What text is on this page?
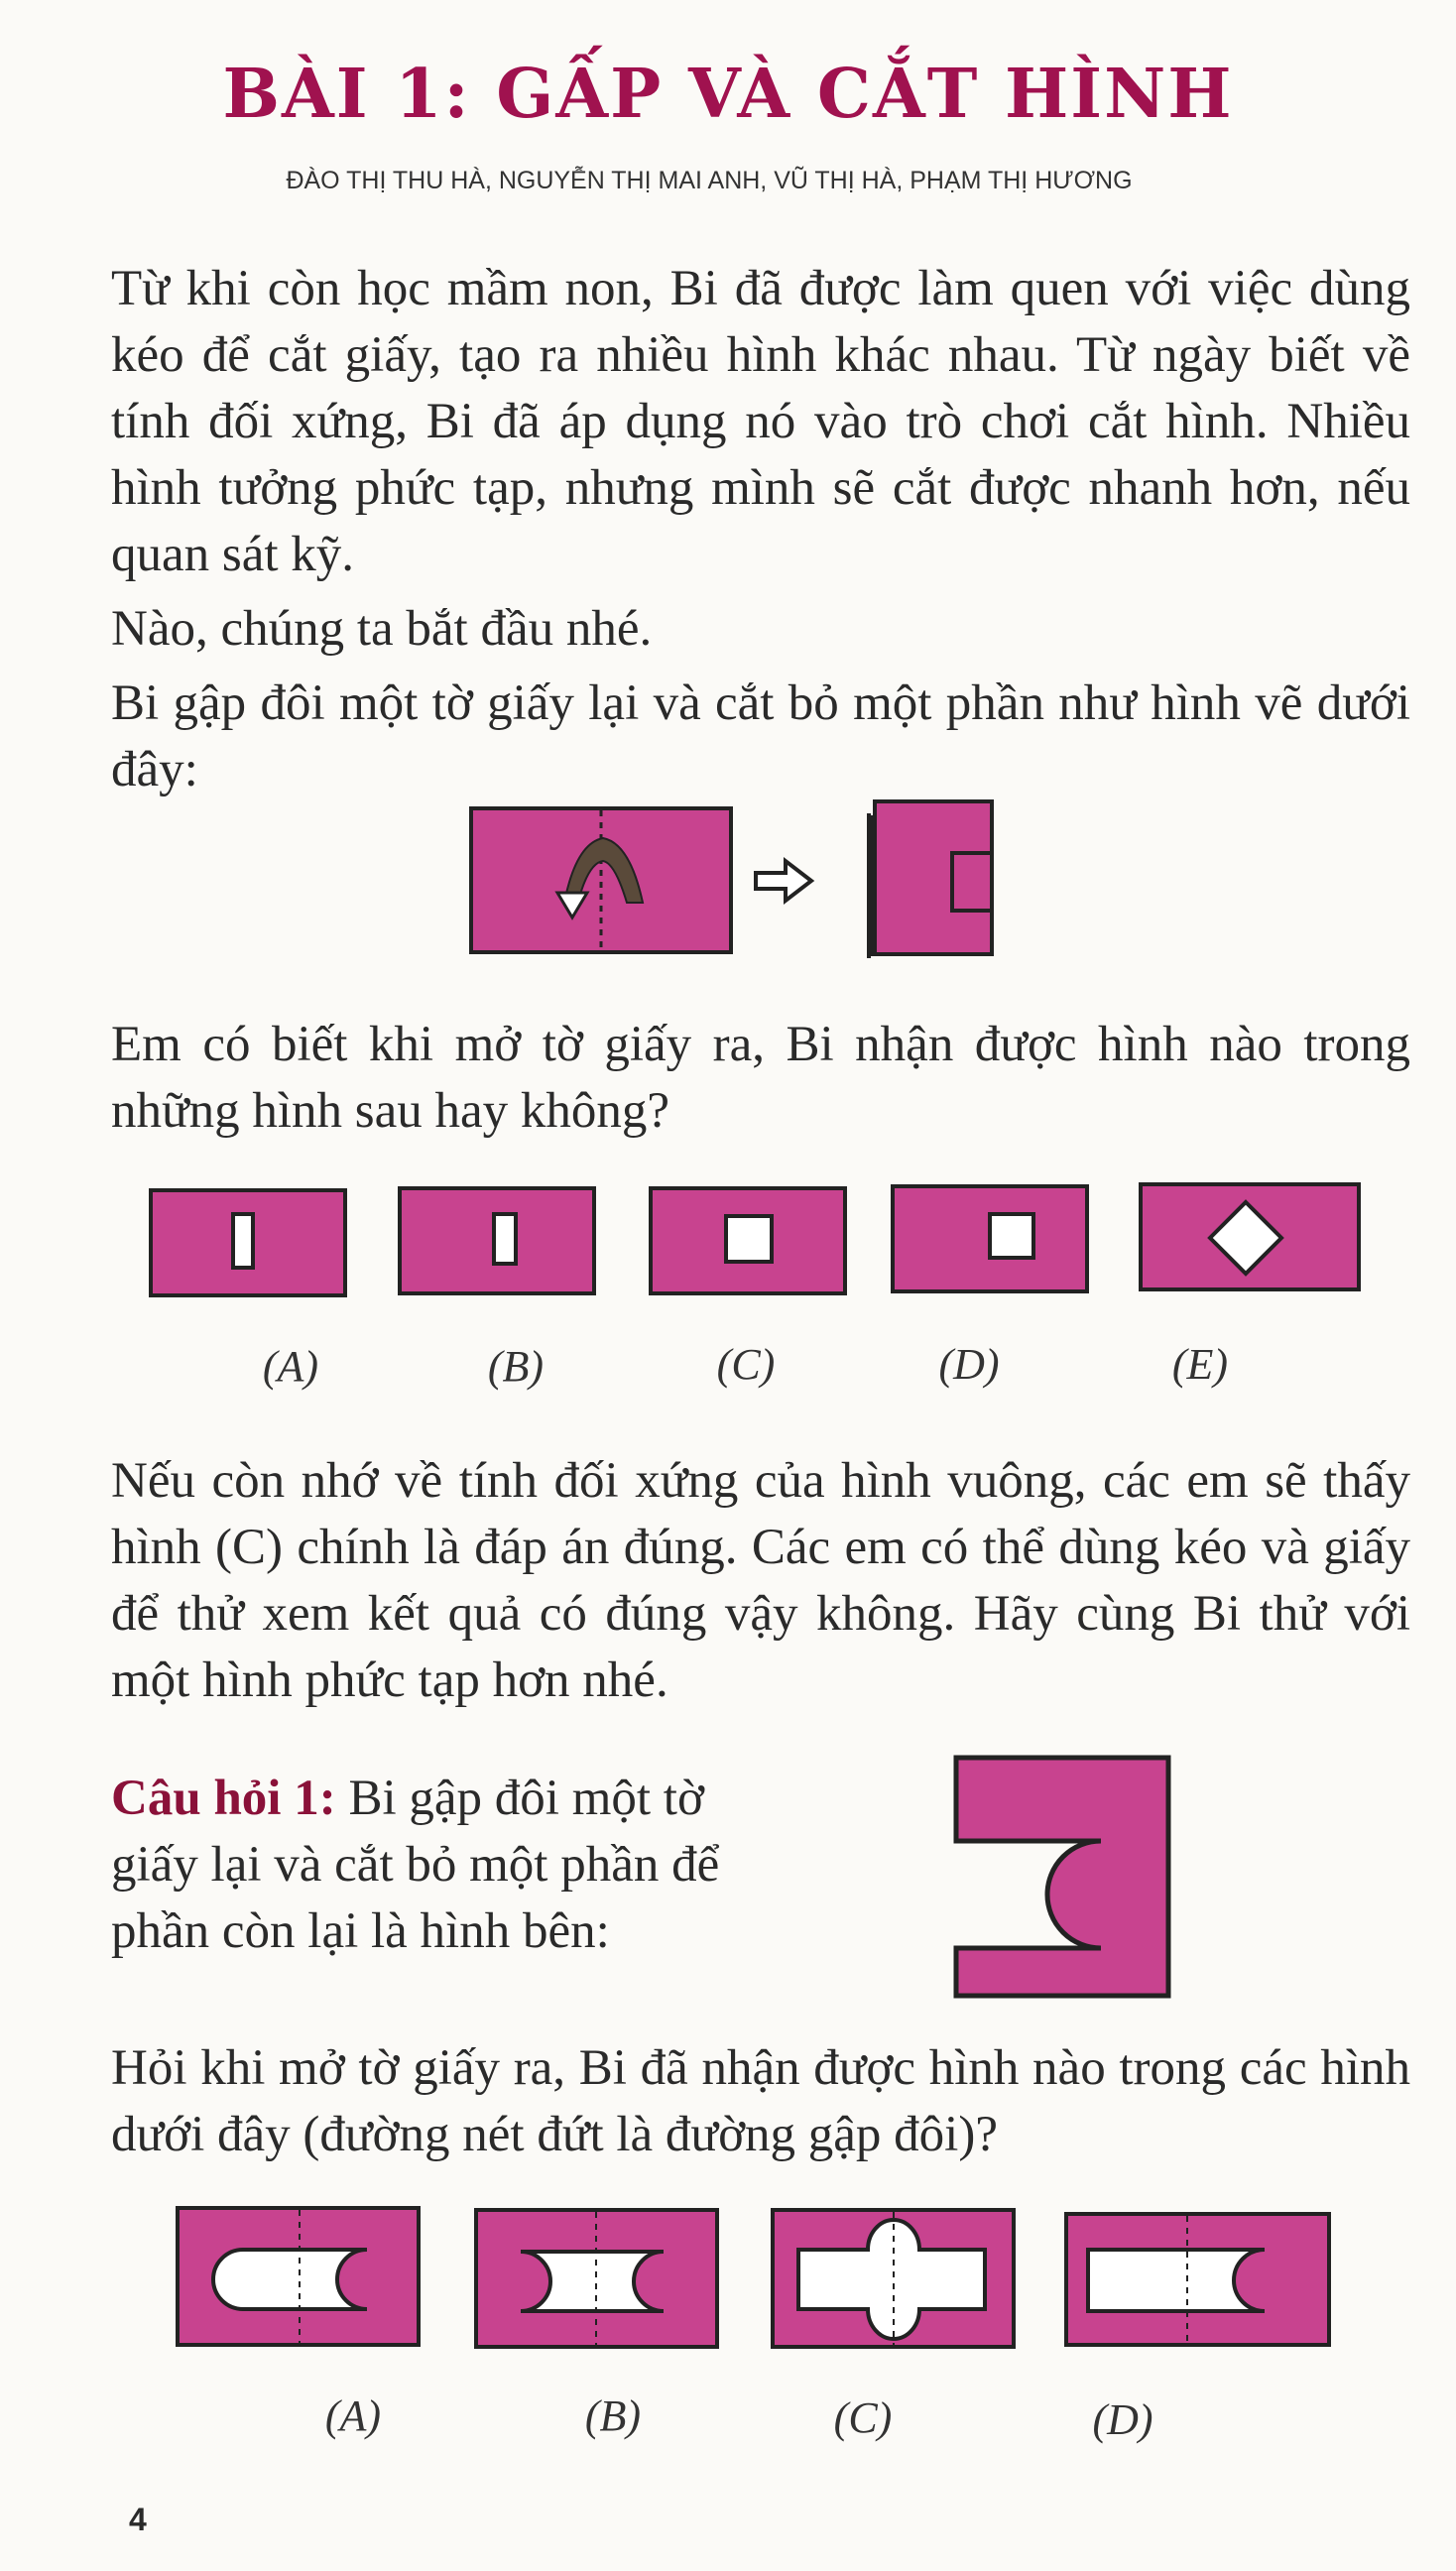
BÀI 1: GẤP VÀ CẮT HÌNH
ĐÀO THỊ THU HÀ, NGUYỄN THỊ MAI ANH, VŨ THỊ HÀ, PHẠM THỊ HƯƠNG

Từ khi còn học mầm non, Bi đã được làm quen với việc dùng kéo để cắt giấy, tạo ra nhiều hình khác nhau. Từ ngày biết về tính đối xứng, Bi đã áp dụng nó vào trò chơi cắt hình. Nhiều hình tưởng phức tạp, nhưng mình sẽ cắt được nhanh hơn, nếu quan sát kỹ.

Nào, chúng ta bắt đầu nhé.

Bi gập đôi một tờ giấy lại và cắt bỏ một phần như hình vẽ dưới đây:

Em có biết khi mở tờ giấy ra, Bi nhận được hình nào trong những hình sau hay không?
(A)	(B)	(C)	(D)	(E)
Nếu còn nhớ về tính đối xứng của hình vuông, các em sẽ thấy hình (C) chính là đáp án đúng. Các em có thể dùng kéo và giấy để thử xem kết quả có đúng vậy không. Hãy cùng Bi thử với một hình phức tạp hơn nhé.
Câu hỏi 1: Bi gập đôi một tờ giấy lại và cắt bỏ một phần để phần còn lại là hình bên:
Hỏi khi mở tờ giấy ra, Bi đã nhận được hình nào trong các hình dưới đây (đường nét đứt là đường gập đôi)?
(A)	(B)	(C)	(D)
4
